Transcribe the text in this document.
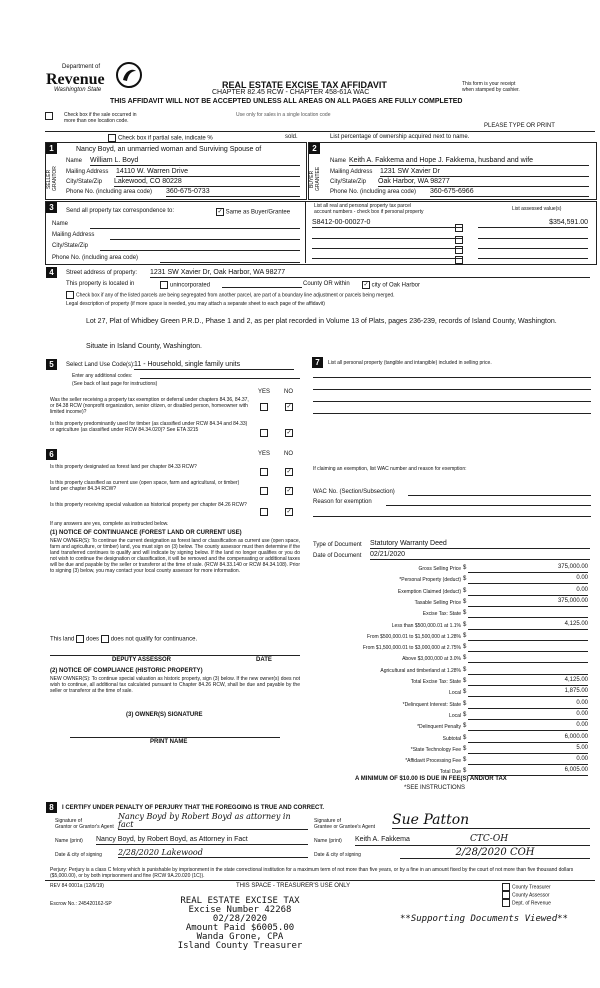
Department of
Revenue
Washington State	REAL ESTATE EXCISE TAX AFFIDAVIT
CHAPTER 82.45 RCW - CHAPTER 458-61A WAC
This form is your receipt
when stamped by cashier.
THIS AFFIDAVIT WILL NOT BE ACCEPTED UNLESS ALL AREAS ON ALL PAGES ARE FULLY COMPLETED
Check box if the sale occurred in
more than one location code.
Use only for sales in a single location code
PLEASE TYPE OR PRINT
Check box if partial sale, indicate %	sold.	List percentage of ownership acquired next to name.
1
SELLER GRANTOR
Nancy Boyd, an unmarried woman and Surviving Spouse of
Name William L. Boyd
Mailing Address 14110 W. Warren Drive
City/State/Zip Lakewood, CO 80228
Phone No. (including area code) 360-675-0733
2
BUYER GRANTEE
Name Keith A. Fakkema and Hope J. Fakkema, husband and wife
Mailing Address 1231 SW Xavier Dr
City/State/Zip Oak Harbor, WA 98277
Phone No. (including area code) 360-675-6966
3	Send all property tax correspondence to:	✓ Same as Buyer/Grantee
Name
Mailing Address
City/State/Zip
Phone No. (including area code)
List all real and personal property tax parcel
account numbers - check box if personal property	List assessed value(s)
S8412-00-00027-0	$354,591.00
4	Street address of property: 1231 SW Xavier Dr, Oak Harbor, WA 98277
This property is located in	unincorporated	County OR within ✓ city of Oak Harbor
Check box if any of the listed parcels are being segregated from another parcel, are part of a boundary line adjustment or parcels being merged.
Legal description of property (if more space is needed, you may attach a separate sheet to each page of the affidavit)
Lot 27, Plat of Whidbey Green P.R.D., Phase 1 and 2, as per plat recorded in Volume 13 of Plats, pages 236-239, records of Island County, Washington.
Situate in Island County, Washington.
5	Select Land Use Code(s): 11 - Household, single family units
Enter any additional codes:
(See back of last page for instructions)
YES NO
Was the seller receiving a property tax exemption or deferral under chapters 84.36, 84.37, or 84.38 RCW (nonprofit organization, senior citizen, or disabled person, homeowner with limited income)?
✓
Is this property predominantly used for timber (as classified under RCW 84.34 and 84.33) or agriculture (as classified under RCW 84.34.020)? See ETA 3215	✓
6	YES NO
Is this property designated as forest land per chapter 84.33 RCW?
✓
Is this property classified as current use (open space, farm and agricultural, or timber) land per chapter 84.34 RCW?	✓
Is this property receiving special valuation as historical property per chapter 84.26 RCW?
✓
If any answers are yes, complete as instructed below.
(1) NOTICE OF CONTINUANCE (FOREST LAND OR CURRENT USE)
NEW OWNER(S): To continue the current designation as forest land or classification as current use (open space, farm and agriculture, or timber) land, you must sign on (3) below. The county assessor must then determine if the land transferred continues to qualify and will indicate by signing below. If the land no longer qualifies or you do not wish to continue the designation or classification, it will be removed and the compensating or additional taxes will be due and payable by the seller or transferor at the time of sale. (RCW 84.33.140 or RCW 84.34.108). Prior to signing (3) below, you may contact your local county assessor for more information.
This land does does not qualify for continuance.
DEPUTY ASSESSOR	DATE
(2) NOTICE OF COMPLIANCE (HISTORIC PROPERTY)
NEW OWNER(S): To continue special valuation as historic property, sign (3) below. If the new owner(s) does not wish to continue, all additional tax calculated pursuant to Chapter 84.26 RCW, shall be due and payable by the seller or transferor at the time of sale.
(3) OWNER(S) SIGNATURE
PRINT NAME
7	List all personal property (tangible and intangible) included in selling price.
If claiming an exemption, list WAC number and reason for exemption:
WAC No. (Section/Subsection)
Reason for exemption
Type of Document Statutory Warranty Deed
Date of Document 02/21/2020
Gross Selling Price $	375,000.00
*Personal Property (deduct) $	0.00
Exemption Claimed (deduct) $	0.00
Taxable Selling Price $	375,000.00
Excise Tax: State $
Less than $500,000.01 at 1.1% $	4,125.00
From $500,000.01 to $1,500,000 at 1.28% $
From $1,500,000.01 to $3,000,000 at 2.75% $
Above $3,000,000 at 3.0% $
Agricultural and timberland at 1.28% $
Total Excise Tax: State $	4,125.00
Local $	1,875.00
*Delinquent Interest: State $	0.00
Local $	0.00
*Delinquent Penalty $	0.00
Subtotal $	6,000.00
*State Technology Fee $	5.00
*Affidavit Processing Fee $	0.00
Total Due $	6,005.00
A MINIMUM OF $10.00 IS DUE IN FEE(S) AND/OR TAX
*SEE INSTRUCTIONS
8	I CERTIFY UNDER PENALTY OF PERJURY THAT THE FOREGOING IS TRUE AND CORRECT.
Signature of
Grantor or Grantor's Agent
Nancy Boyd by Robert Boyd as attorney in fact
Name (print) Nancy Boyd, by Robert Boyd, as Attorney in Fact
Date & city of signing 2/28/2020 Lakewood
Signature of
Grantee or Grantee's Agent Sue Patton
Name (print) Keith A. Fakkema	CTC-OH
Date & city of signing	2/28/2020 COH
Perjury: Perjury is a class C felony which is punishable by imprisonment in the state correctional institution for a maximum term of not more than five years, or by a fine in an amount fixed by the court of not more than five thousand dollars ($5,000.00), or by both imprisonment and fine (RCW 9A.20.020 (1C)).
REV 84 0001a (12/6/19)	THIS SPACE - TREASURER'S USE ONLY
Escrow No.: 245420162-SP
County Treasurer
County Assessor
Dept. of Revenue
REAL ESTATE EXCISE TAX
Excise Number 42268
02/28/2020
Amount Paid $6005.00
Wanda Grone, CPA
Island County Treasurer
**Supporting Documents Viewed**
